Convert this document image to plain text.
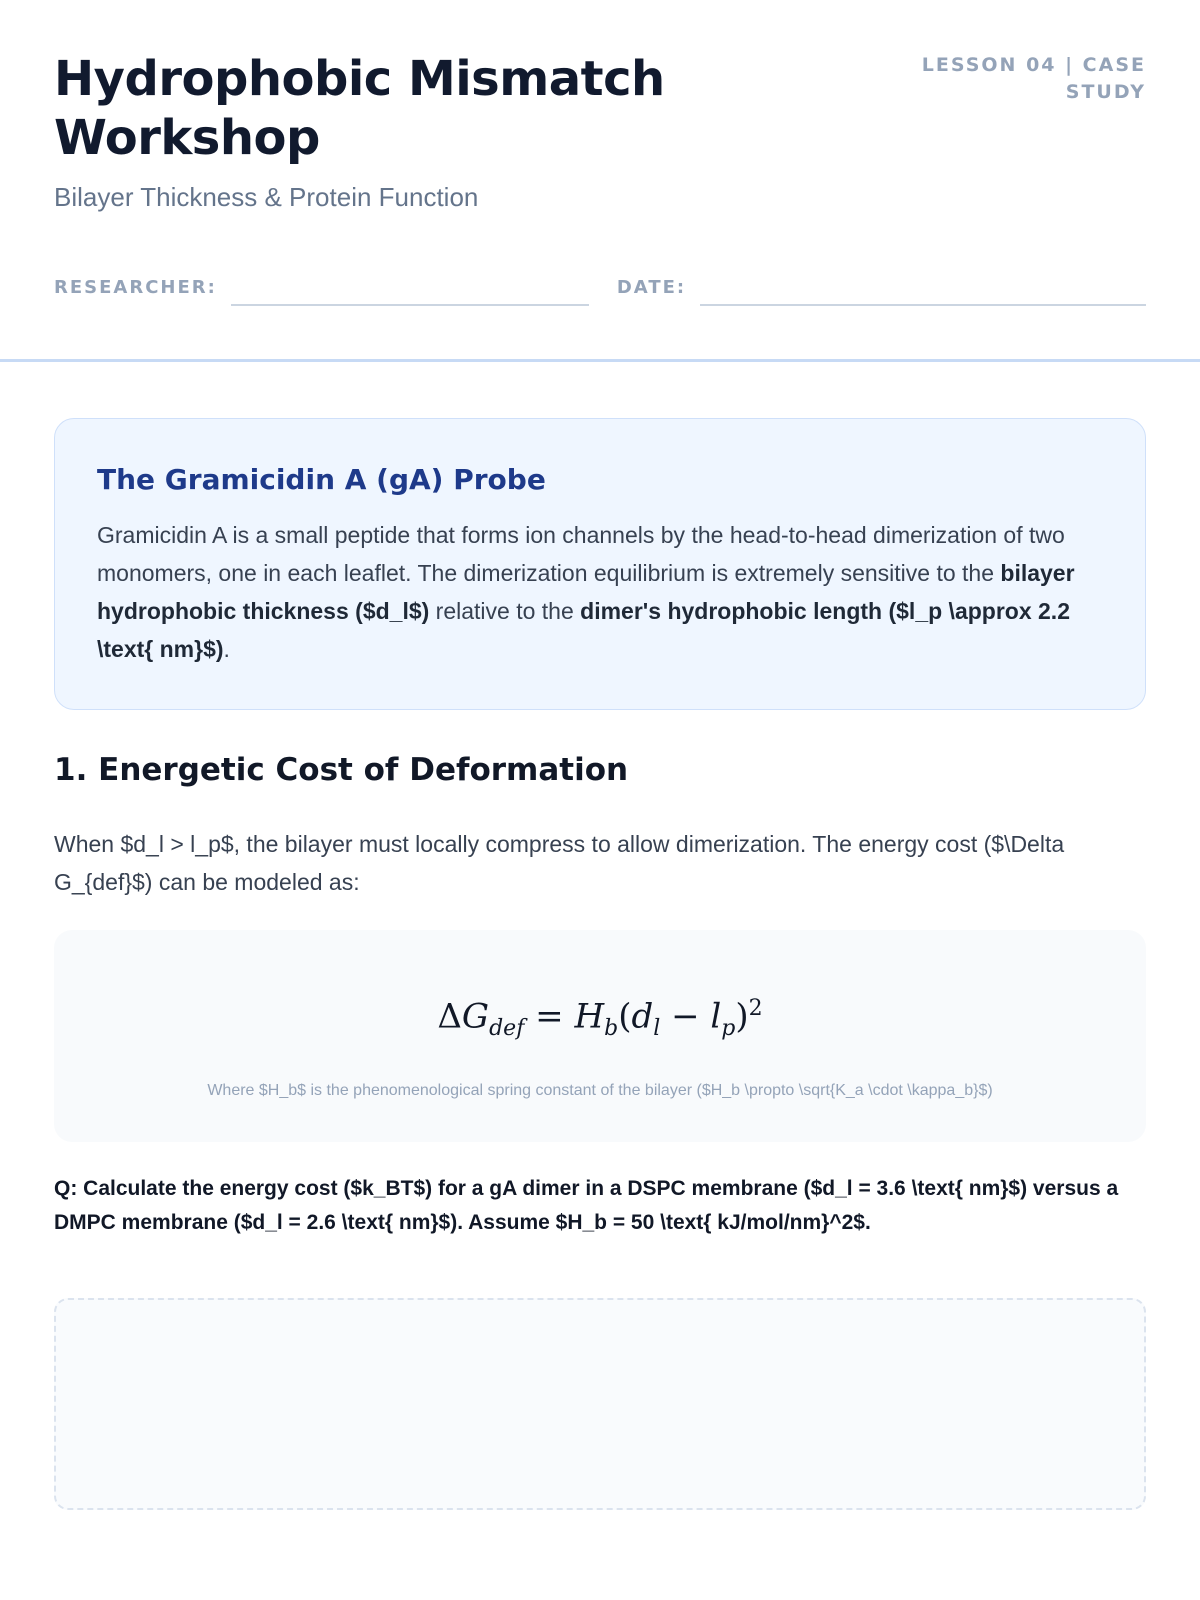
Hydrophobic Mismatch Workshop
Bilayer Thickness & Protein Function
LESSON 04 | CASE STUDY
RESEARCHER:	DATE:
The Gramicidin A (gA) Probe
Gramicidin A is a small peptide that forms ion channels by the head-to-head dimerization of two monomers, one in each leaflet. The dimerization equilibrium is extremely sensitive to the bilayer hydrophobic thickness ($d_l$) relative to the dimer's hydrophobic length ($l_p \approx 2.2 \text{ nm}$).
1. Energetic Cost of Deformation
When $d_l > l_p$, the bilayer must locally compress to allow dimerization. The energy cost ($\Delta G_{def}$) can be modeled as:
$\Delta G_{def} = H_b(d_l - l_p)^2$
Where $H_b$ is the phenomenological spring constant of the bilayer ($H_b \propto \sqrt{K_a \cdot \kappa_b}$)
Q: Calculate the energy cost ($k_BT$) for a gA dimer in a DSPC membrane ($d_l = 3.6 \text{ nm}$) versus a DMPC membrane ($d_l = 2.6 \text{ nm}$). Assume $H_b = 50 \text{ kJ/mol/nm}^2$.
